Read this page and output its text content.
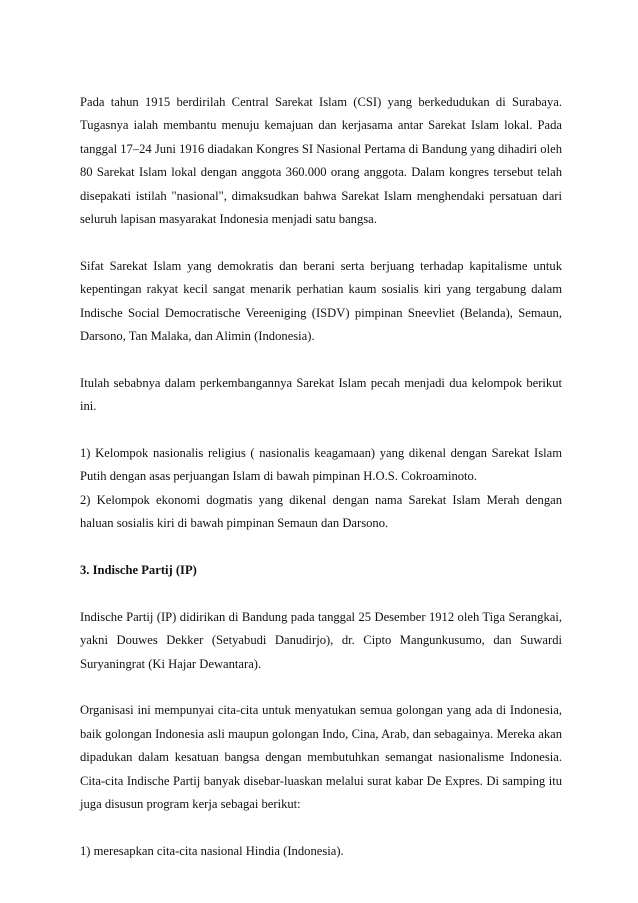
Pada tahun 1915 berdirilah Central Sarekat Islam (CSI) yang berkedudukan di Surabaya. Tugasnya ialah membantu menuju kemajuan dan kerjasama antar Sarekat Islam lokal. Pada tanggal 17–24 Juni 1916 diadakan Kongres SI Nasional Pertama di Bandung yang dihadiri oleh 80 Sarekat Islam lokal dengan anggota 360.000 orang anggota. Dalam kongres tersebut telah disepakati istilah "nasional", dimaksudkan bahwa Sarekat Islam menghendaki persatuan dari seluruh lapisan masyarakat Indonesia menjadi satu bangsa.

Sifat Sarekat Islam yang demokratis dan berani serta berjuang terhadap kapitalisme untuk kepentingan rakyat kecil sangat menarik perhatian kaum sosialis kiri yang tergabung dalam Indische Social Democratische Vereeniging (ISDV) pimpinan Sneevliet (Belanda), Semaun, Darsono, Tan Malaka, dan Alimin (Indonesia).

Itulah sebabnya dalam perkembangannya Sarekat Islam pecah menjadi dua kelompok berikut ini.

1) Kelompok nasionalis religius ( nasionalis keagamaan) yang dikenal dengan Sarekat Islam Putih dengan asas perjuangan Islam di bawah pimpinan H.O.S. Cokroaminoto.

2) Kelompok ekonomi dogmatis yang dikenal dengan nama Sarekat Islam Merah dengan haluan sosialis kiri di bawah pimpinan Semaun dan Darsono.

3. Indische Partij (IP)

Indische Partij (IP) didirikan di Bandung pada tanggal 25 Desember 1912 oleh Tiga Serangkai, yakni Douwes Dekker (Setyabudi Danudirjo), dr. Cipto Mangunkusumo, dan Suwardi Suryaningrat (Ki Hajar Dewantara).

Organisasi ini mempunyai cita-cita untuk menyatukan semua golongan yang ada di Indonesia, baik golongan Indonesia asli maupun golongan Indo, Cina, Arab, dan sebagainya. Mereka akan dipadukan dalam kesatuan bangsa dengan membutuhkan semangat nasionalisme Indonesia. Cita-cita Indische Partij banyak disebar-luaskan melalui surat kabar De Expres. Di samping itu juga disusun program kerja sebagai berikut:

1) meresapkan cita-cita nasional Hindia (Indonesia).
